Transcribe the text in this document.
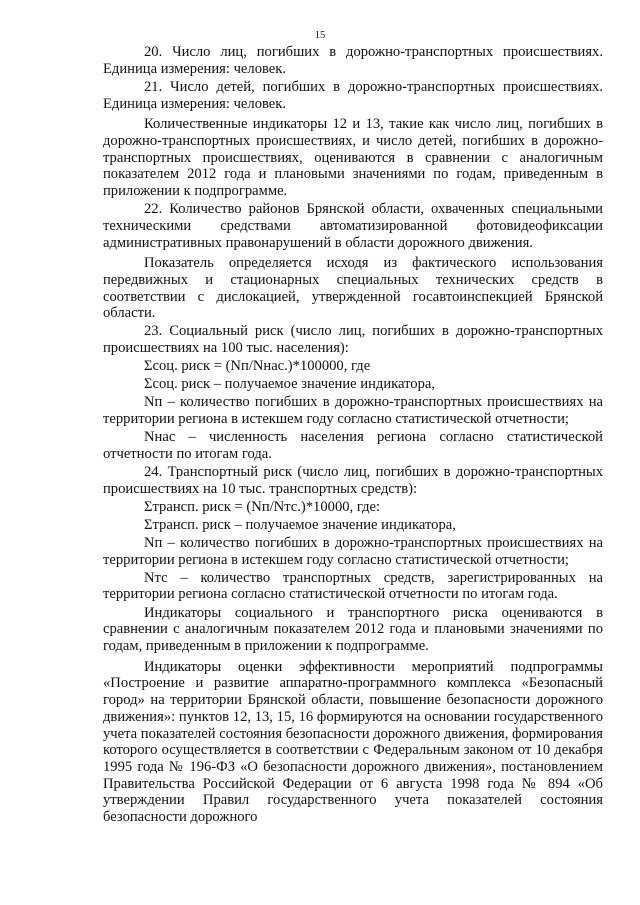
15

20. Число лиц, погибших в дорожно-транспортных происшествиях. Единица измерения: человек.

21. Число детей, погибших в дорожно-транспортных происшествиях. Единица измерения: человек.

Количественные индикаторы 12 и 13, такие как число лиц, погибших в дорожно-транспортных происшествиях, и число детей, погибших в дорожно-транспортных происшествиях, оцениваются в сравнении с аналогичным показателем 2012 года и плановыми значениями по годам, приведенным в приложении к подпрограмме.

22. Количество районов Брянской области, охваченных специальными техническими средствами автоматизированной фотовидеофиксации административных правонарушений в области дорожного движения.

Показатель определяется исходя из фактического использования передвижных и стационарных специальных технических средств в соответствии с дислокацией, утвержденной госавтоинспекцией Брянской области.

23. Социальный риск (число лиц, погибших в дорожно-транспортных происшествиях на 100 тыс. населения):

Σсоц. риск = (Nп/Nнас.)*100000, где

Σсоц. риск – получаемое значение индикатора,

Nп – количество погибших в дорожно-транспортных происшествиях на территории региона в истекшем году согласно статистической отчетности;

Nнас – численность населения региона согласно статистической отчетности по итогам года.

24. Транспортный риск (число лиц, погибших в дорожно-транспортных происшествиях на 10 тыс. транспортных средств):

Σтрансп. риск = (Nп/Nтс.)*10000, где:

Σтрансп. риск – получаемое значение индикатора,

Nп – количество погибших в дорожно-транспортных происшествиях на территории региона в истекшем году согласно статистической отчетности;

Nтс – количество транспортных средств, зарегистрированных на территории региона согласно статистической отчетности по итогам года.

Индикаторы социального и транспортного риска оцениваются в сравнении с аналогичным показателем 2012 года и плановыми значениями по годам, приведенным в приложении к подпрограмме.

Индикаторы оценки эффективности мероприятий подпрограммы «Построение и развитие аппаратно-программного комплекса «Безопасный город» на территории Брянской области, повышение безопасности дорожного движения»: пунктов 12, 13, 15, 16 формируются на основании государственного учета показателей состояния безопасности дорожного движения, формирования которого осуществляется в соответствии с Федеральным законом от 10 декабря 1995 года № 196-ФЗ «О безопасности дорожного движения», постановлением Правительства Российской Федерации от 6 августа 1998 года № 894 «Об утверждении Правил государственного учета показателей состояния безопасности дорожного
